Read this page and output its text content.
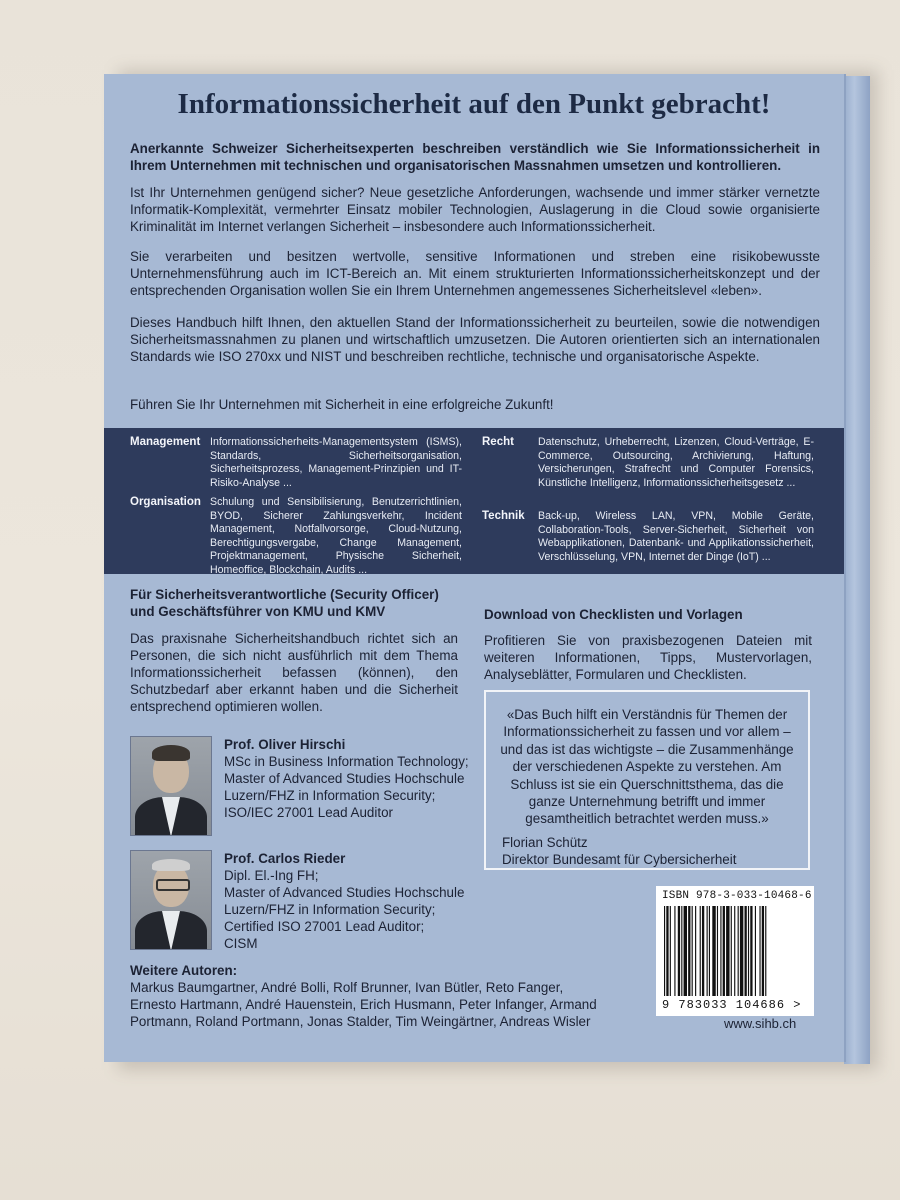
Informationssicherheit auf den Punkt gebracht!
Anerkannte Schweizer Sicherheitsexperten beschreiben verständlich wie Sie Informationssicherheit in Ihrem Unternehmen mit technischen und organisatorischen Massnahmen umsetzen und kontrollieren.
Ist Ihr Unternehmen genügend sicher? Neue gesetzliche Anforderungen, wachsende und immer stärker vernetzte Informatik-Komplexität, vermehrter Einsatz mobiler Technologien, Auslagerung in die Cloud sowie organisierte Kriminalität im Internet verlangen Sicherheit – insbesondere auch Informationssicherheit.
Sie verarbeiten und besitzen wertvolle, sensitive Informationen und streben eine risikobewusste Unternehmensführung auch im ICT-Bereich an. Mit einem strukturierten Informationssicherheitskonzept und der entsprechenden Organisation wollen Sie ein Ihrem Unternehmen angemessenes Sicherheitslevel «leben».
Dieses Handbuch hilft Ihnen, den aktuellen Stand der Informationssicherheit zu beurteilen, sowie die notwendigen Sicherheitsmassnahmen zu planen und wirtschaftlich umzusetzen. Die Autoren orientierten sich an internationalen Standards wie ISO 270xx und NIST und beschreiben rechtliche, technische und organisatorische Aspekte.
Führen Sie Ihr Unternehmen mit Sicherheit in eine erfolgreiche Zukunft!
Management Informationssicherheits-Managementsystem (ISMS), Standards, Sicherheitsorganisation, Sicherheitsprozess, Management-Prinzipien und IT-Risiko-Analyse ...
Organisation Schulung und Sensibilisierung, Benutzerrichtlinien, BYOD, Sicherer Zahlungsverkehr, Incident Management, Notfallvorsorge, Cloud-Nutzung, Berechtigungsvergabe, Change Management, Projektmanagement, Physische Sicherheit, Homeoffice, Blockchain, Audits ...
Recht Datenschutz, Urheberrecht, Lizenzen, Cloud-Verträge, E-Commerce, Outsourcing, Archivierung, Haftung, Versicherungen, Strafrecht und Computer Forensics, Künstliche Intelligenz, Informationssicherheitsgesetz ...
Technik Back-up, Wireless LAN, VPN, Mobile Geräte, Collaboration-Tools, Server-Sicherheit, Sicherheit von Webapplikationen, Datenbank- und Applikationssicherheit, Verschlüsselung, VPN, Internet der Dinge (IoT) ...
Für Sicherheitsverantwortliche (Security Officer) und Geschäftsführer von KMU und KMV
Das praxisnahe Sicherheitshandbuch richtet sich an Personen, die sich nicht ausführlich mit dem Thema Informationssicherheit befassen (können), den Schutzbedarf aber erkannt haben und die Sicherheit entsprechend optimieren wollen.
Prof. Oliver Hirschi
MSc in Business Information Technology;
Master of Advanced Studies Hochschule
Luzern/FHZ in Information Security;
ISO/IEC 27001 Lead Auditor
Prof. Carlos Rieder
Dipl. El.-Ing FH;
Master of Advanced Studies Hochschule
Luzern/FHZ in Information Security;
Certified ISO 27001 Lead Auditor;
CISM
Weitere Autoren:
Markus Baumgartner, André Bolli, Rolf Brunner, Ivan Bütler, Reto Fanger,
Ernesto Hartmann, André Hauenstein, Erich Husmann, Peter Infanger, Armand
Portmann, Roland Portmann, Jonas Stalder, Tim Weingärtner, Andreas Wisler
Download von Checklisten und Vorlagen
Profitieren Sie von praxisbezogenen Dateien mit weiteren Informationen, Tipps, Mustervorlagen, Analyseblätter, Formularen und Checklisten.
«Das Buch hilft ein Verständnis für Themen der Informationssicherheit zu fassen und vor allem – und das ist das wichtigste – die Zusammenhänge der verschiedenen Aspekte zu verstehen. Am Schluss ist sie ein Querschnittsthema, das die ganze Unternehmung betrifft und immer gesamtheitlich betrachtet werden muss.»
Florian Schütz
Direktor Bundesamt für Cybersicherheit
ISBN 978-3-033-10468-6
9 783033 104686 >
www.sihb.ch
